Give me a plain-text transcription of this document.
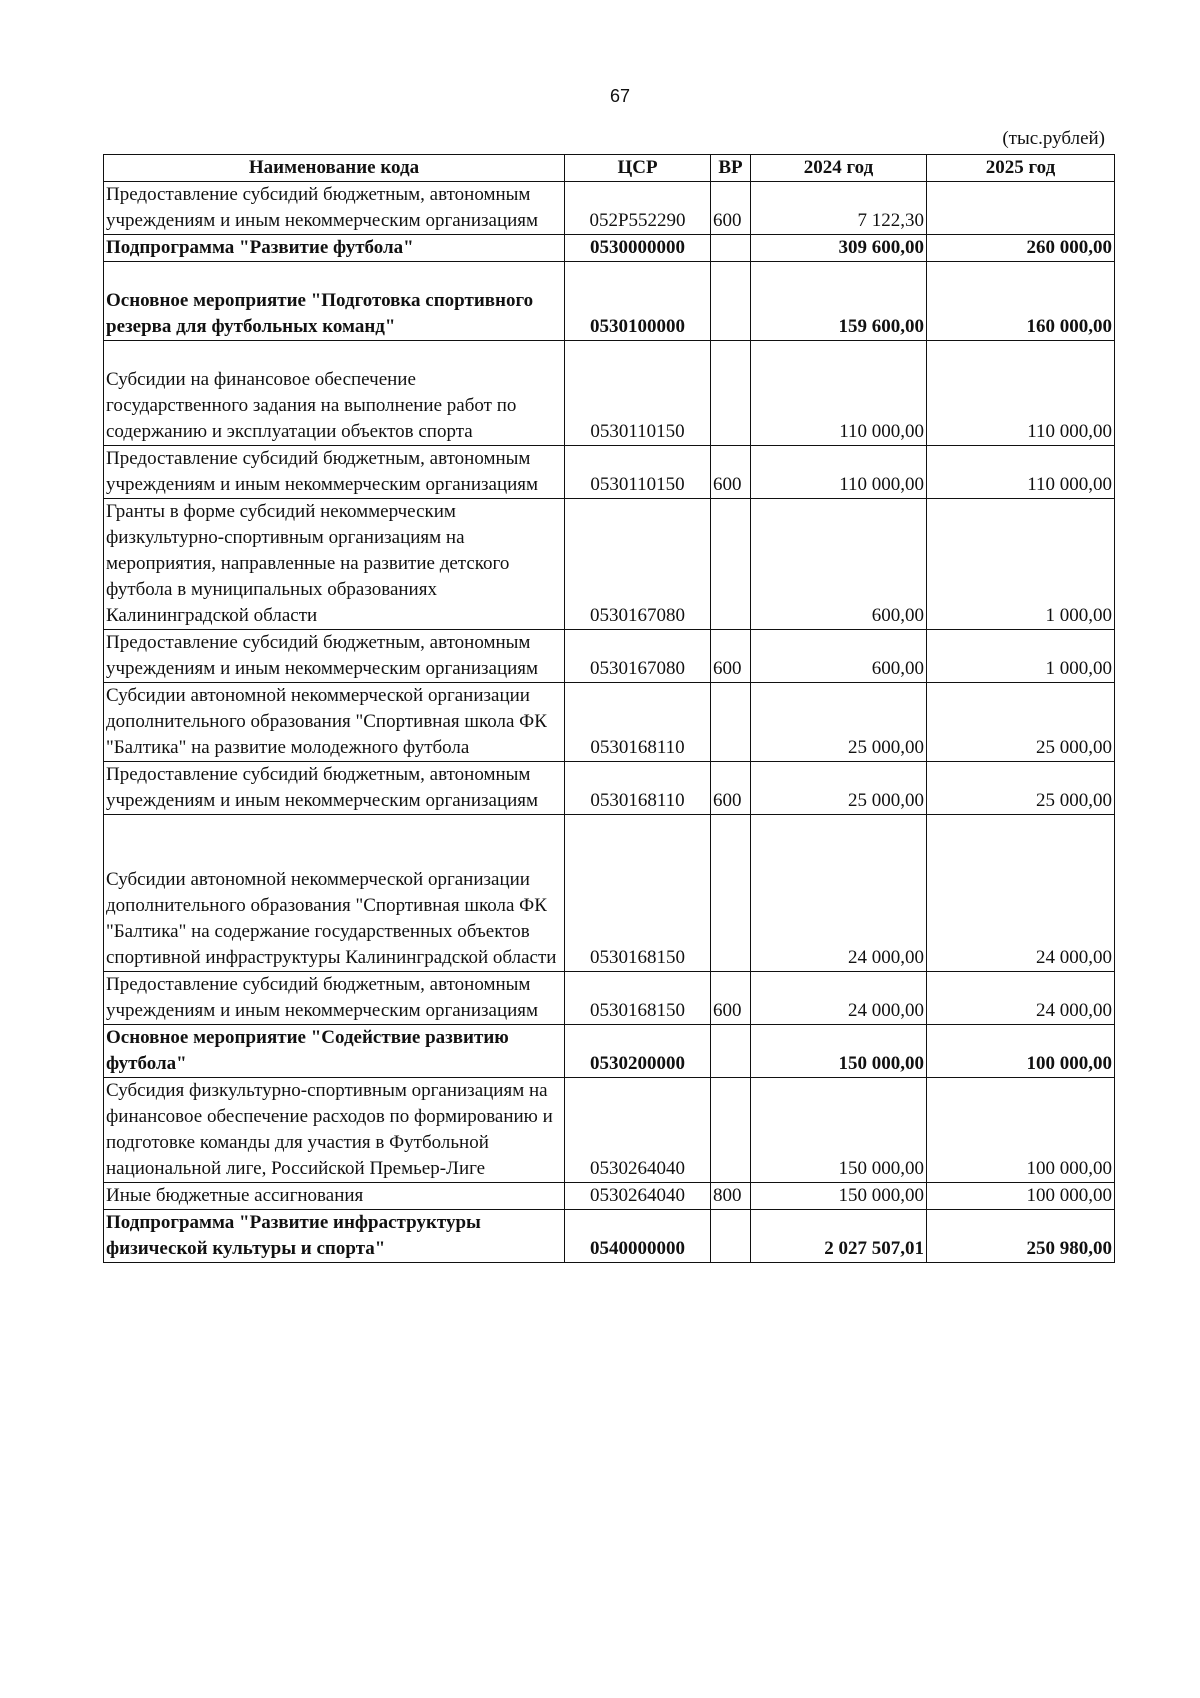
67
(тыс.рублей)
Наименование кода	ЦСР	ВР	2024 год	2025 год
Предоставление субсидий бюджетным, автономным учреждениям и иным некоммерческим организациям	052P552290	600	7 122,30	
Подпрограмма "Развитие футбола"	0530000000		309 600,00	260 000,00
Основное мероприятие "Подготовка спортивного резерва для футбольных команд"	0530100000		159 600,00	160 000,00
Субсидии на финансовое обеспечение государственного задания на выполнение работ по содержанию и эксплуатации объектов спорта	0530110150		110 000,00	110 000,00
Предоставление субсидий бюджетным, автономным учреждениям и иным некоммерческим организациям	0530110150	600	110 000,00	110 000,00
Гранты в форме субсидий некоммерческим физкультурно-спортивным организациям на мероприятия, направленные на развитие детского футбола в муниципальных образованиях Калининградской области	0530167080		600,00	1 000,00
Предоставление субсидий бюджетным, автономным учреждениям и иным некоммерческим организациям	0530167080	600	600,00	1 000,00
Субсидии автономной некоммерческой организации дополнительного образования "Спортивная школа ФК "Балтика" на развитие молодежного футбола	0530168110		25 000,00	25 000,00
Предоставление субсидий бюджетным, автономным учреждениям и иным некоммерческим организациям	0530168110	600	25 000,00	25 000,00
Субсидии автономной некоммерческой организации дополнительного образования "Спортивная школа ФК "Балтика" на содержание государственных объектов спортивной инфраструктуры Калининградской области	0530168150		24 000,00	24 000,00
Предоставление субсидий бюджетным, автономным учреждениям и иным некоммерческим организациям	0530168150	600	24 000,00	24 000,00
Основное мероприятие "Содействие развитию футбола"	0530200000		150 000,00	100 000,00
Субсидия физкультурно-спортивным организациям на финансовое обеспечение расходов по формированию и подготовке команды для участия в Футбольной национальной лиге, Российской Премьер-Лиге	0530264040		150 000,00	100 000,00
Иные бюджетные ассигнования	0530264040	800	150 000,00	100 000,00
Подпрограмма "Развитие инфраструктуры физической культуры и спорта"	0540000000		2 027 507,01	250 980,00
